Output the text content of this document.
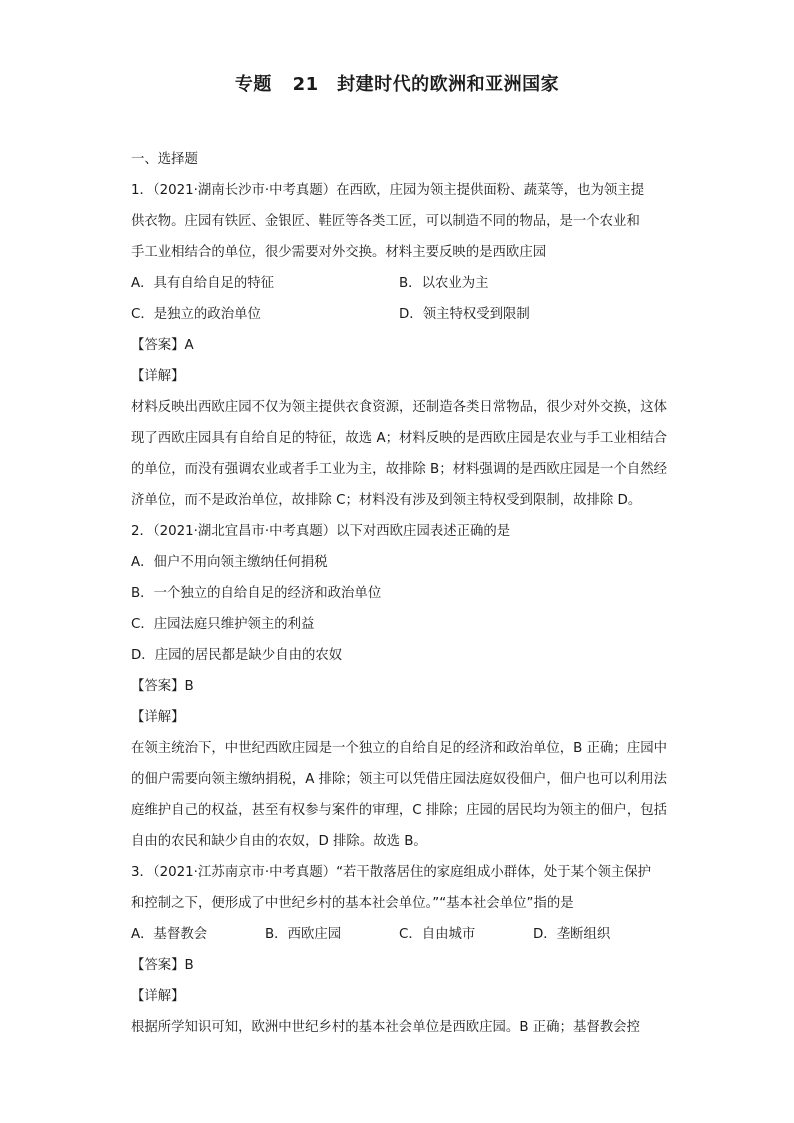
专题 21　封建时代的欧洲和亚洲国家
一、选择题
1．（2021·湖南长沙市·中考真题）在西欧，庄园为领主提供面粉、蔬菜等，也为领主提
供衣物。庄园有铁匠、金银匠、鞋匠等各类工匠，可以制造不同的物品，是一个农业和
手工业相结合的单位，很少需要对外交换。材料主要反映的是西欧庄园
A．具有自给自足的特征	B．以农业为主
C．是独立的政治单位	D．领主特权受到限制
【答案】A
【详解】
材料反映出西欧庄园不仅为领主提供衣食资源，还制造各类日常物品，很少对外交换，这体现了西欧庄园具有自给自足的特征，故选 A；材料反映的是西欧庄园是农业与手工业相结合的单位，而没有强调农业或者手工业为主，故排除 B；材料强调的是西欧庄园是一个自然经济单位，而不是政治单位，故排除 C；材料没有涉及到领主特权受到限制，故排除 D。
2．（2021·湖北宜昌市·中考真题）以下对西欧庄园表述正确的是
A．佃户不用向领主缴纳任何捐税
B．一个独立的自给自足的经济和政治单位
C．庄园法庭只维护领主的利益
D．庄园的居民都是缺少自由的农奴
【答案】B
【详解】
在领主统治下，中世纪西欧庄园是一个独立的自给自足的经济和政治单位，B 正确；庄园中的佃户需要向领主缴纳捐税，A 排除；领主可以凭借庄园法庭奴役佃户，佃户也可以利用法庭维护自己的权益，甚至有权参与案件的审理，C 排除；庄园的居民均为领主的佃户，包括自由的农民和缺少自由的农奴，D 排除。故选 B。
3．（2021·江苏南京市·中考真题）“若干散落居住的家庭组成小群体，处于某个领主保护
和控制之下，便形成了中世纪乡村的基本社会单位。”“基本社会单位”指的是
A．基督教会	B．西欧庄园	C．自由城市	D．垄断组织
【答案】B
【详解】
根据所学知识可知，欧洲中世纪乡村的基本社会单位是西欧庄园。B 正确；基督教会控
